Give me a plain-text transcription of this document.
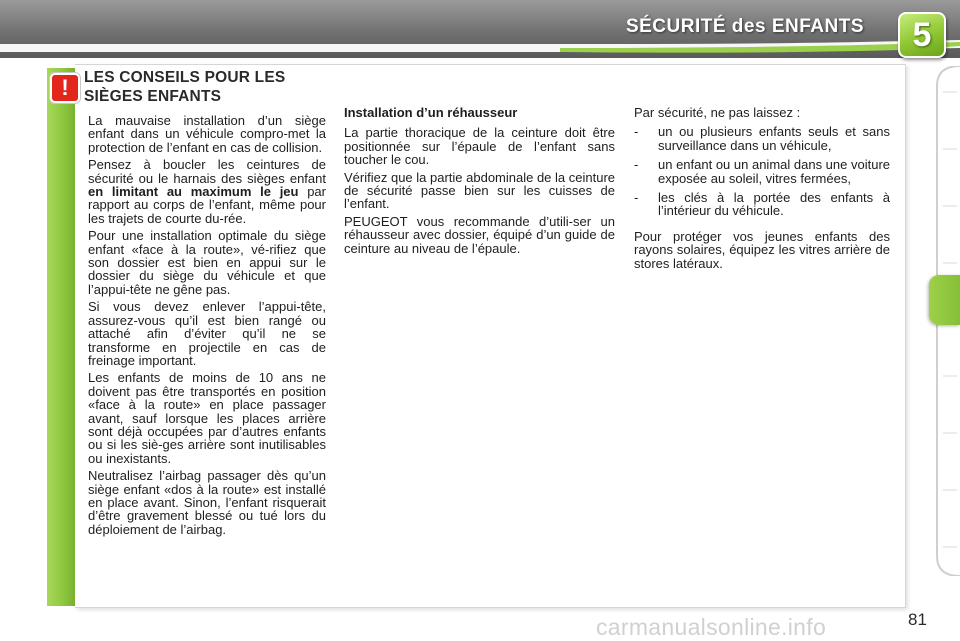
SÉCURITÉ des ENFANTS	5
! LES CONSEILS POUR LES SIÈGES ENFANTS

La mauvaise installation d’un siège enfant dans un véhicule compro-met la protection de l’enfant en cas de collision.

Pensez à boucler les ceintures de sécurité ou le harnais des sièges enfant en limitant au maximum le jeu par rapport au corps de l’enfant, même pour les trajets de courte du-rée.

Pour une installation optimale du siège enfant «face à la route», vé-rifiez que son dossier est bien en appui sur le dossier du siège du véhicule et que l’appui-tête ne gêne pas.

Si vous devez enlever l’appui-tête, assurez-vous qu’il est bien rangé ou attaché afin d’éviter qu’il ne se transforme en projectile en cas de freinage important.

Les enfants de moins de 10 ans ne doivent pas être transportés en position «face à la route» en place passager avant, sauf lorsque les places arrière sont déjà occupées par d’autres enfants ou si les siè-ges arrière sont inutilisables ou inexistants.

Neutralisez l’airbag passager dès qu’un siège enfant «dos à la route» est installé en place avant. Sinon, l’enfant risquerait d’être gravement blessé ou tué lors du déploiement de l’airbag.

Installation d’un réhausseur

La partie thoracique de la ceinture doit être positionnée sur l’épaule de l’enfant sans toucher le cou.

Vérifiez que la partie abdominale de la ceinture de sécurité passe bien sur les cuisses de l’enfant.

PEUGEOT vous recommande d’utili-ser un réhausseur avec dossier, équipé d’un guide de ceinture au niveau de l’épaule.

Par sécurité, ne pas laissez :

- un ou plusieurs enfants seuls et sans surveillance dans un véhicule,
- un enfant ou un animal dans une voiture exposée au soleil, vitres fermées,
- les clés à la portée des enfants à l’intérieur du véhicule.

Pour protéger vos jeunes enfants des rayons solaires, équipez les vitres arrière de stores latéraux.

carmanualsonline.info	81
